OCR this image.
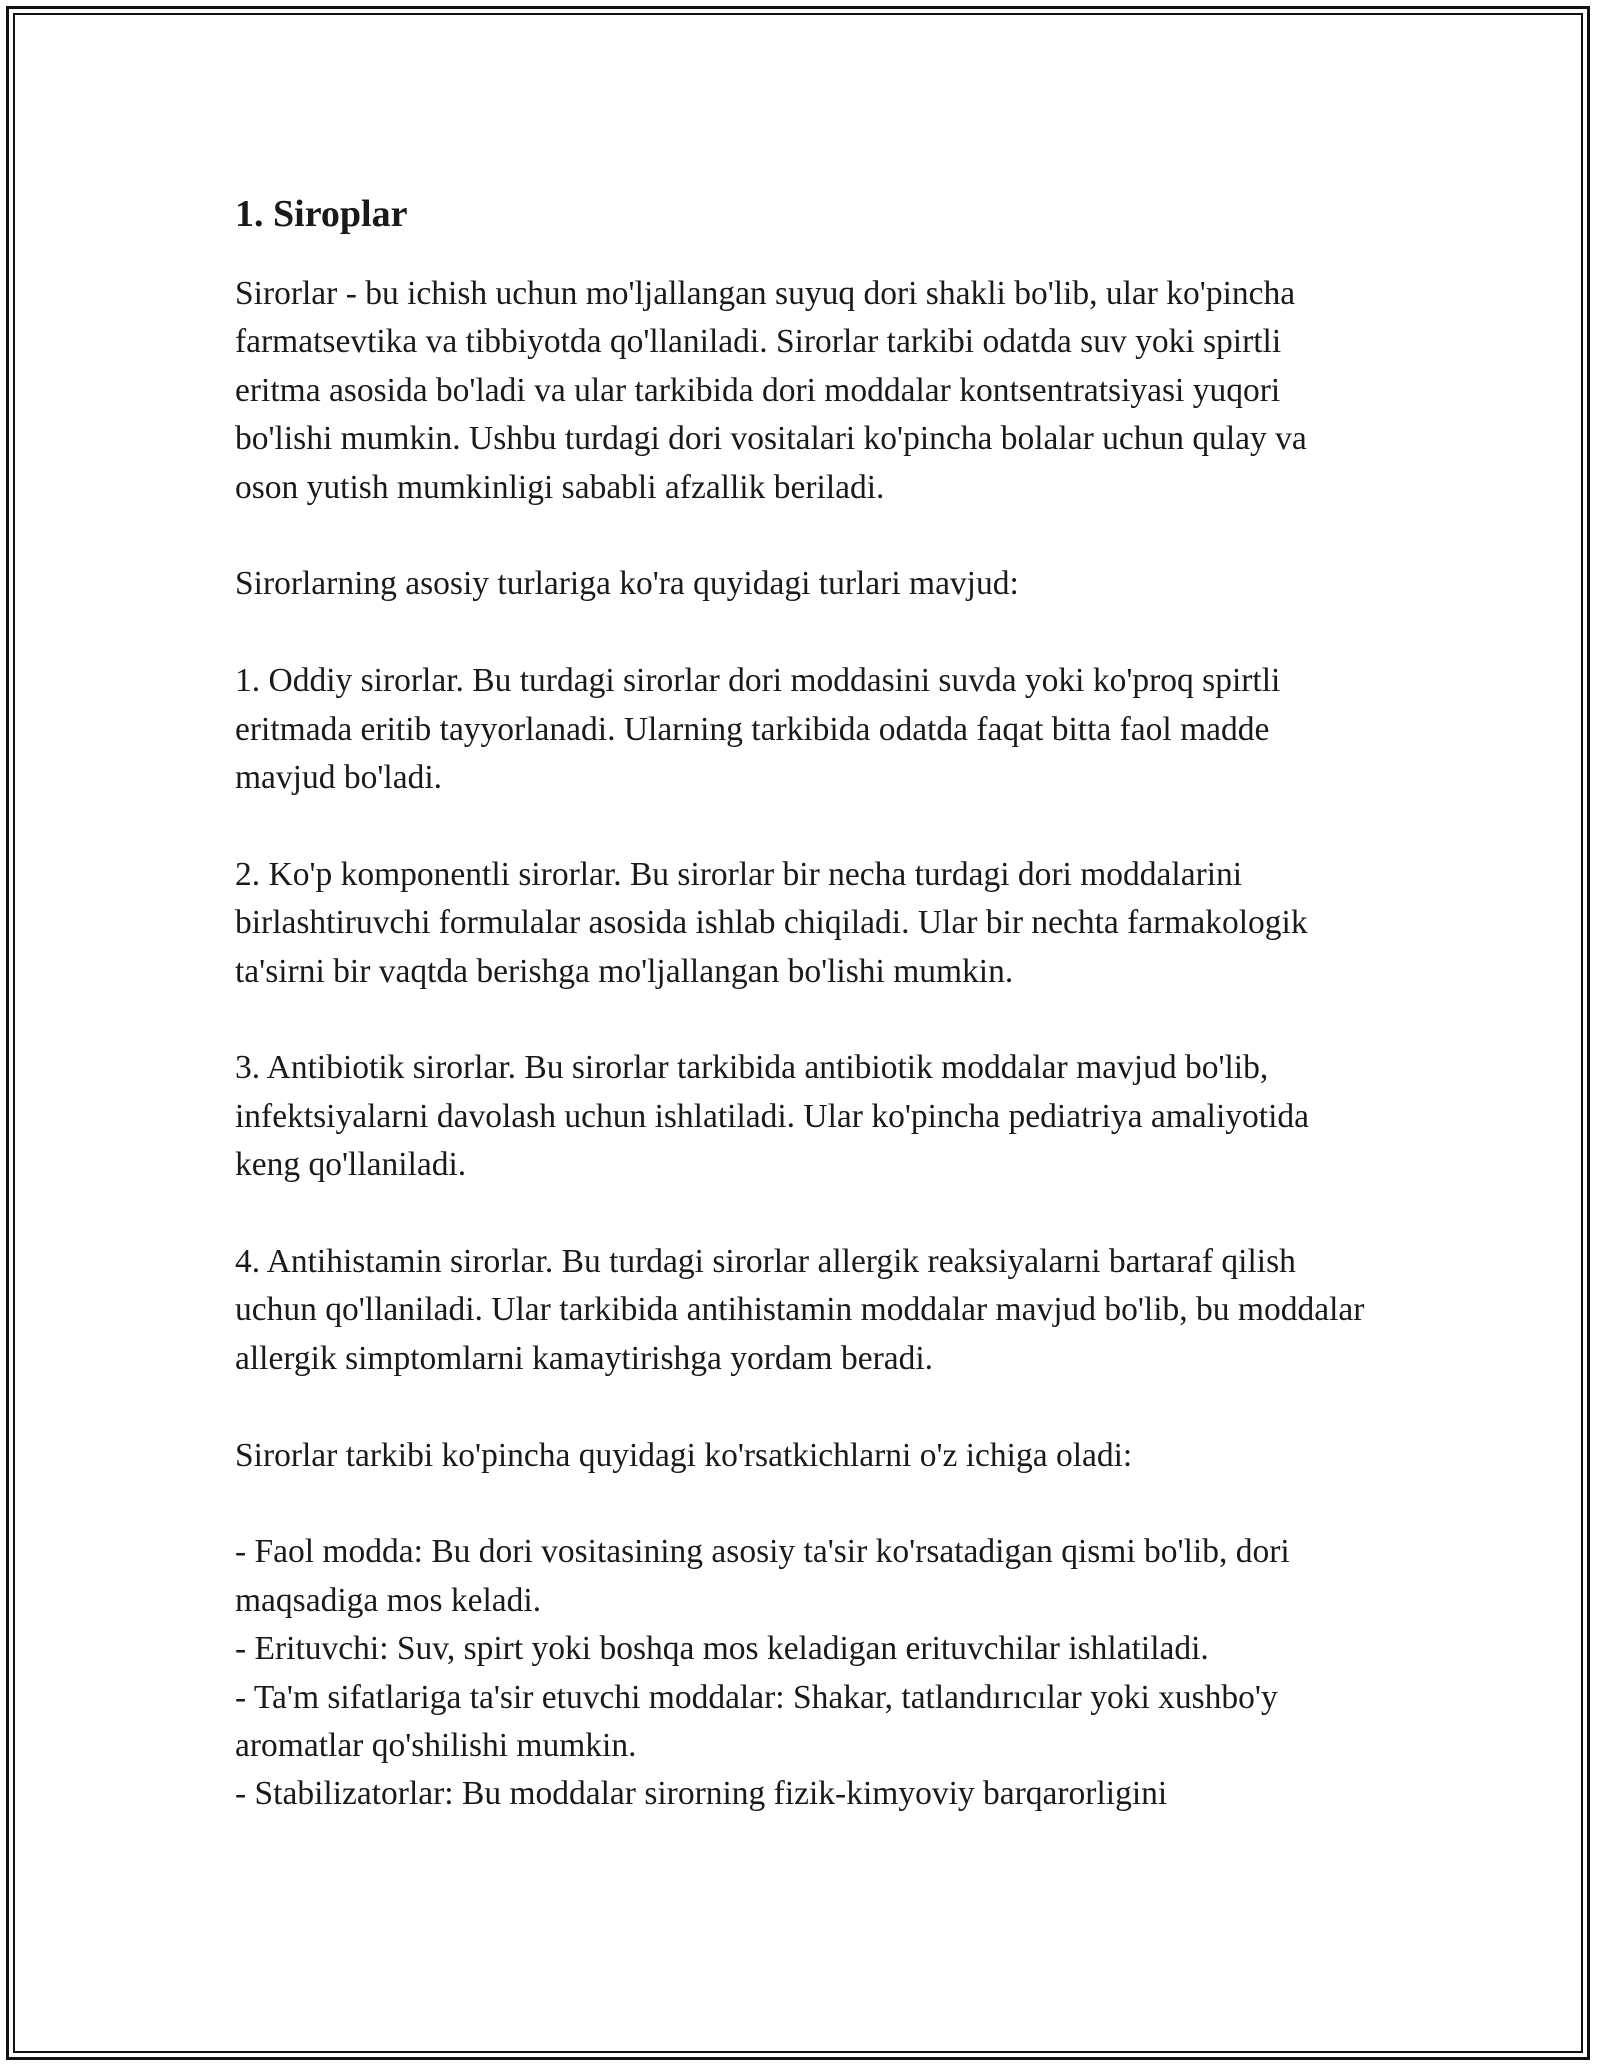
1. Siroplar

Sirorlar - bu ichish uchun mo'ljallangan suyuq dori shakli bo'lib, ular ko'pincha farmatsevtika va tibbiyotda qo'llaniladi. Sirorlar tarkibi odatda suv yoki spirtli eritma asosida bo'ladi va ular tarkibida dori moddalar kontsentratsiyasi yuqori bo'lishi mumkin. Ushbu turdagi dori vositalari ko'pincha bolalar uchun qulay va oson yutish mumkinligi sababli afzallik beriladi.

Sirorlarning asosiy turlariga ko'ra quyidagi turlari mavjud:

1. Oddiy sirorlar. Bu turdagi sirorlar dori moddasini suvda yoki ko'proq spirtli eritmada eritib tayyorlanadi. Ularning tarkibida odatda faqat bitta faol madde mavjud bo'ladi.

2. Ko'p komponentli sirorlar. Bu sirorlar bir necha turdagi dori moddalarini birlashtiruvchi formulalar asosida ishlab chiqiladi. Ular bir nechta farmakologik ta'sirni bir vaqtda berishga mo'ljallangan bo'lishi mumkin.

3. Antibiotik sirorlar. Bu sirorlar tarkibida antibiotik moddalar mavjud bo'lib, infektsiyalarni davolash uchun ishlatiladi. Ular ko'pincha pediatriya amaliyotida keng qo'llaniladi.

4. Antihistamin sirorlar. Bu turdagi sirorlar allergik reaksiyalarni bartaraf qilish uchun qo'llaniladi. Ular tarkibida antihistamin moddalar mavjud bo'lib, bu moddalar allergik simptomlarni kamaytirishga yordam beradi.

Sirorlar tarkibi ko'pincha quyidagi ko'rsatkichlarni o'z ichiga oladi:

- Faol modda: Bu dori vositasining asosiy ta'sir ko'rsatadigan qismi bo'lib, dori maqsadiga mos keladi.

- Erituvchi: Suv, spirt yoki boshqa mos keladigan erituvchilar ishlatiladi.

- Ta'm sifatlariga ta'sir etuvchi moddalar: Shakar, tatlandırıcılar yoki xushbo'y aromatlar qo'shilishi mumkin.

- Stabilizatorlar: Bu moddalar sirorning fizik-kimyoviy barqarorligini
